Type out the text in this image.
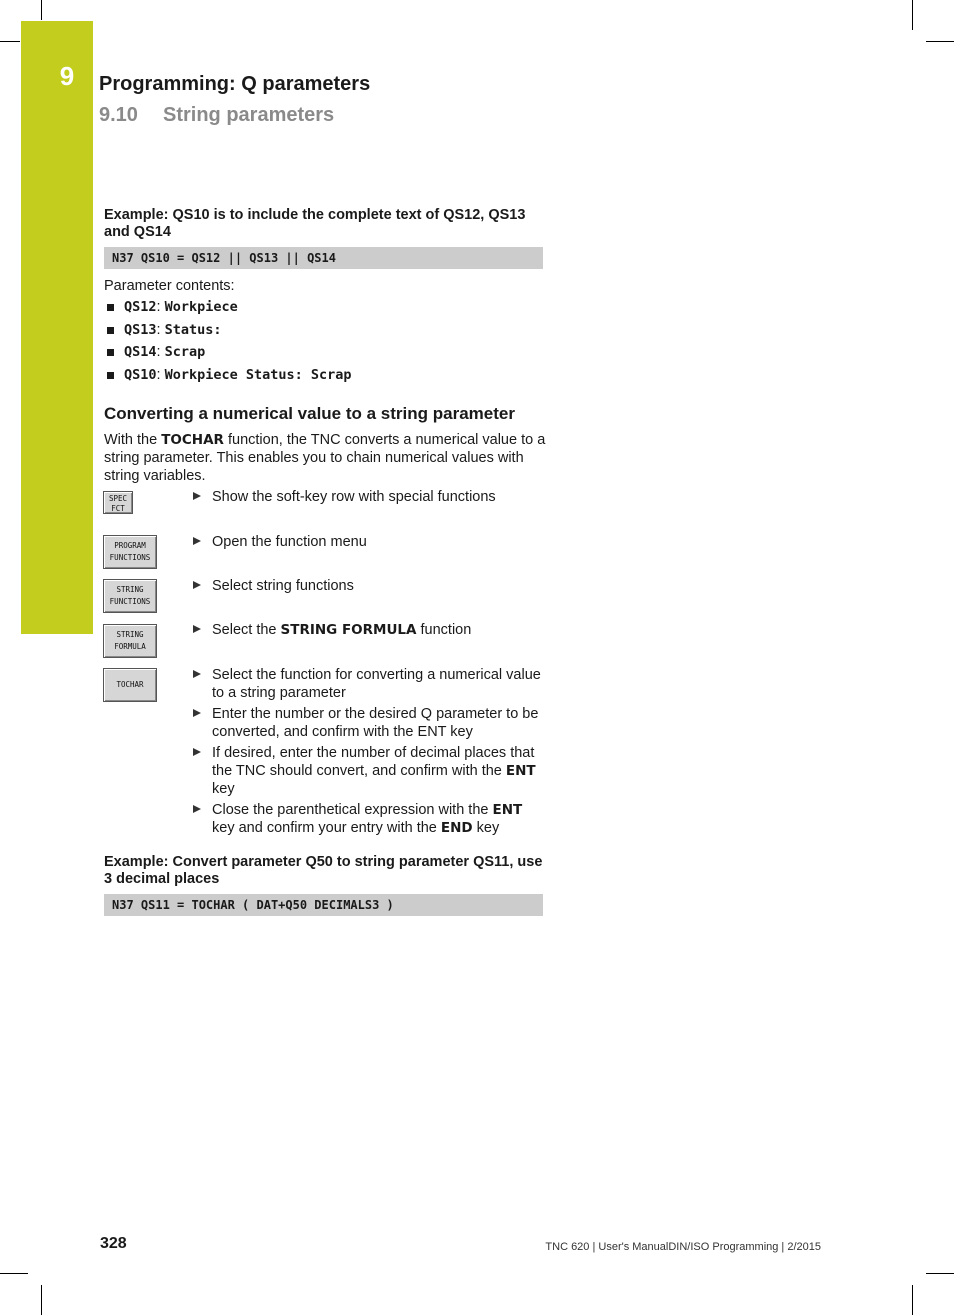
9	Programming: Q parameters
9.10 String parameters
Example: QS10 is to include the complete text of QS12, QS13 and QS14
N37 QS10 = QS12 || QS13 || QS14
Parameter contents:
QS12: Workpiece
QS13: Status:
QS14: Scrap
QS10: Workpiece Status: Scrap
Converting a numerical value to a string parameter
With the TOCHAR function, the TNC converts a numerical value to a string parameter. This enables you to chain numerical values with string variables.
SPEC
FCT
PROGRAM
FUNCTIONS
STRING
FUNCTIONS
STRING
FORMULA
TOCHAR
Show the soft-key row with special functions
Open the function menu
Select string functions
Select the STRING FORMULA function
Select the function for converting a numerical value to a string parameter
Enter the number or the desired Q parameter to be converted, and confirm with the ENT key
If desired, enter the number of decimal places that the TNC should convert, and confirm with the ENT key
Close the parenthetical expression with the ENT key and confirm your entry with the END key
Example: Convert parameter Q50 to string parameter QS11, use 3 decimal places
N37 QS11 = TOCHAR ( DAT+Q50 DECIMALS3 )
328	TNC 620 | User's ManualDIN/ISO Programming | 2/2015
